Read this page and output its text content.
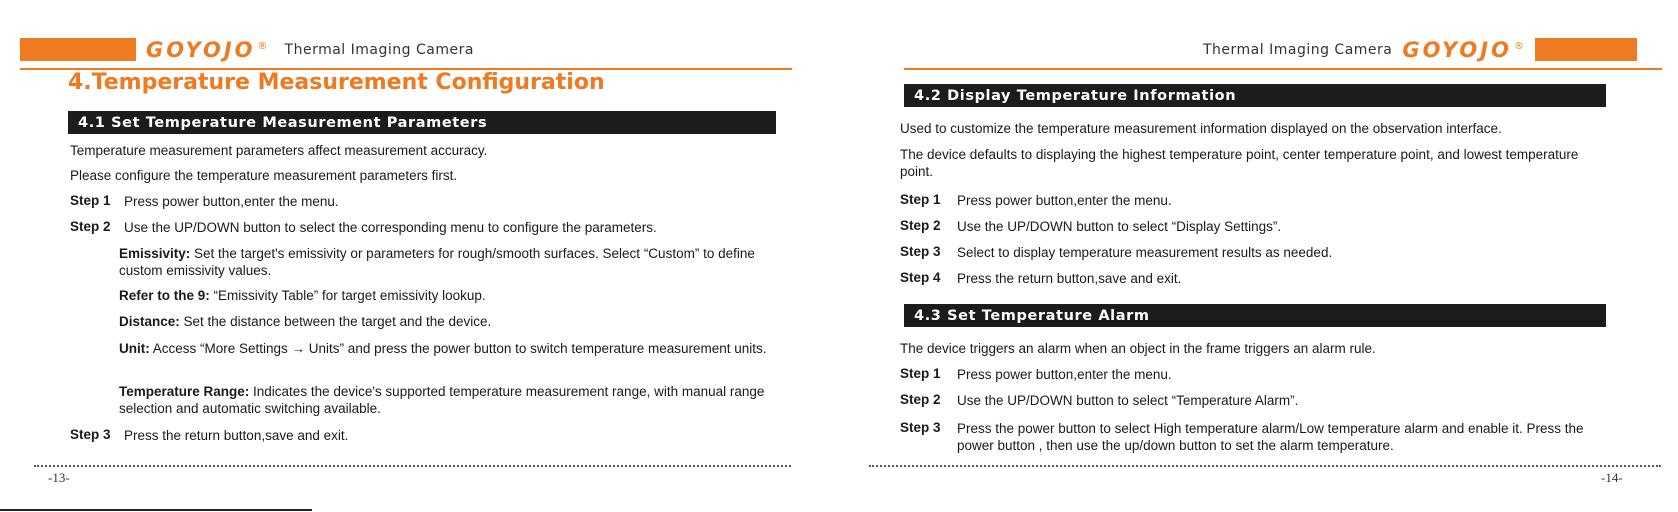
GOYOJO ® Thermal Imaging Camera
4.Temperature Measurement Configuration
4.1 Set Temperature Measurement Parameters
Temperature measurement parameters affect measurement accuracy.
Please configure the temperature measurement parameters first.
Step 1 Press power button,enter the menu.
Step 2 Use the UP/DOWN button to select the corresponding menu to configure the parameters.
Emissivity: Set the target's emissivity or parameters for rough/smooth surfaces. Select “Custom” to define custom emissivity values.
Refer to the 9: “Emissivity Table” for target emissivity lookup.
Distance: Set the distance between the target and the device.
Unit: Access “More Settings → Units” and press the power button to switch temperature measurement units.
Temperature Range: Indicates the device's supported temperature measurement range, with manual range selection and automatic switching available.
Step 3 Press the return button,save and exit.
-13-
Thermal Imaging Camera GOYOJO ®
4.2 Display Temperature Information
Used to customize the temperature measurement information displayed on the observation interface.
The device defaults to displaying the highest temperature point, center temperature point, and lowest temperature point.
Step 1 Press power button,enter the menu.
Step 2 Use the UP/DOWN button to select “Display Settings”.
Step 3 Select to display temperature measurement results as needed.
Step 4 Press the return button,save and exit.
4.3 Set Temperature Alarm
The device triggers an alarm when an object in the frame triggers an alarm rule.
Step 1 Press power button,enter the menu.
Step 2 Use the UP/DOWN button to select “Temperature Alarm”.
Step 3 Press the power button to select High temperature alarm/Low temperature alarm and enable it. Press the power button , then use the up/down button to set the alarm temperature.
-14-
